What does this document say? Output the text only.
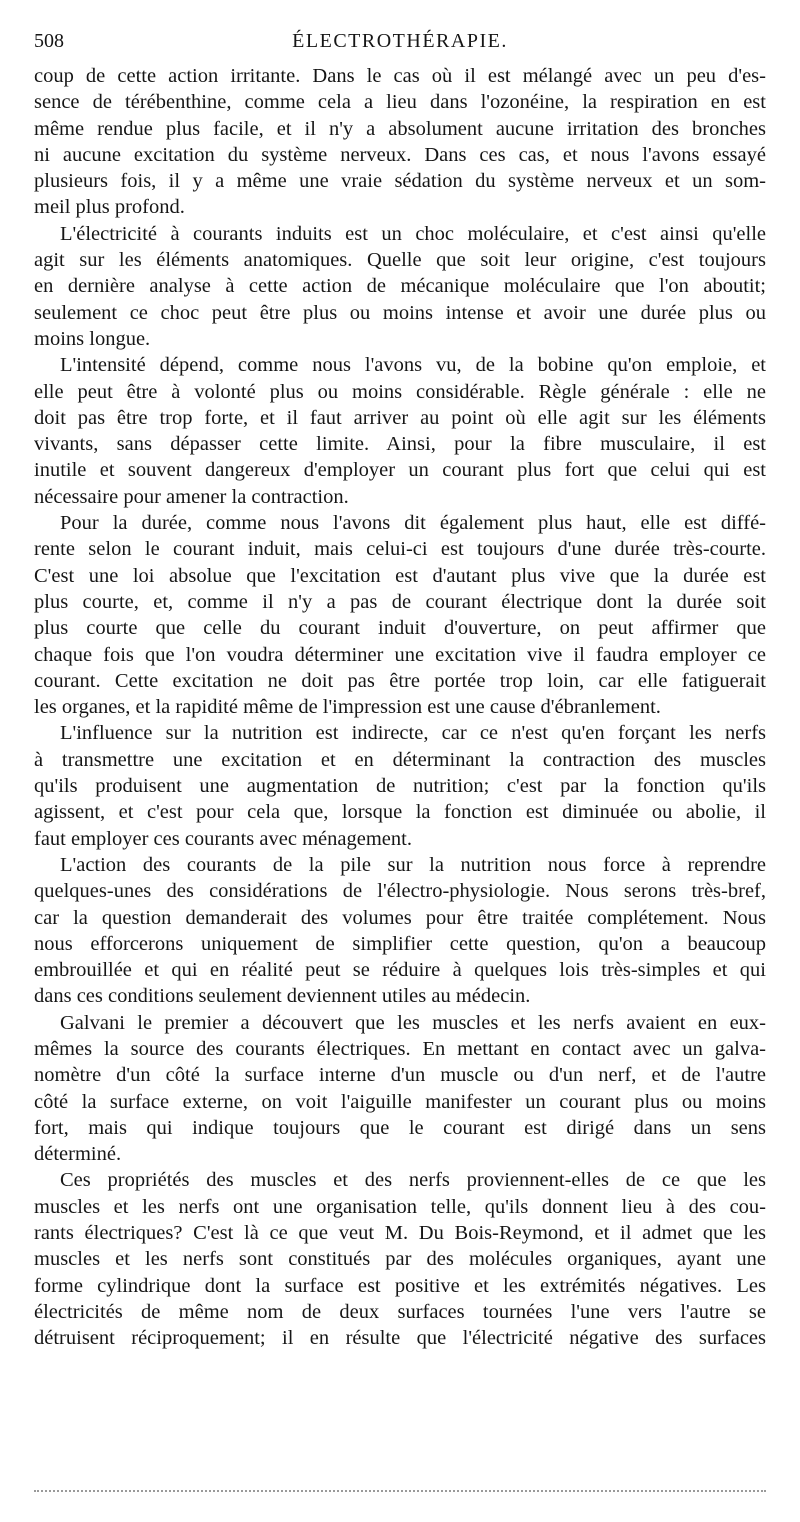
508	ÉLECTROTHÉRAPIE.
coup de cette action irritante. Dans le cas où il est mélangé avec un peu d'es-
sence de térébenthine, comme cela a lieu dans l'ozonéine, la respiration en est
même rendue plus facile, et il n'y a absolument aucune irritation des bronches
ni aucune excitation du système nerveux. Dans ces cas, et nous l'avons essayé
plusieurs fois, il y a même une vraie sédation du système nerveux et un som-
meil plus profond.
L'électricité à courants induits est un choc moléculaire, et c'est ainsi qu'elle
agit sur les éléments anatomiques. Quelle que soit leur origine, c'est toujours
en dernière analyse à cette action de mécanique moléculaire que l'on aboutit;
seulement ce choc peut être plus ou moins intense et avoir une durée plus ou
moins longue.
L'intensité dépend, comme nous l'avons vu, de la bobine qu'on emploie, et
elle peut être à volonté plus ou moins considérable. Règle générale : elle ne
doit pas être trop forte, et il faut arriver au point où elle agit sur les éléments
vivants, sans dépasser cette limite. Ainsi, pour la fibre musculaire, il est
inutile et souvent dangereux d'employer un courant plus fort que celui qui est
nécessaire pour amener la contraction.
Pour la durée, comme nous l'avons dit également plus haut, elle est diffé-
rente selon le courant induit, mais celui-ci est toujours d'une durée très-courte.
C'est une loi absolue que l'excitation est d'autant plus vive que la durée est
plus courte, et, comme il n'y a pas de courant électrique dont la durée soit
plus courte que celle du courant induit d'ouverture, on peut affirmer que
chaque fois que l'on voudra déterminer une excitation vive il faudra employer ce
courant. Cette excitation ne doit pas être portée trop loin, car elle fatiguerait
les organes, et la rapidité même de l'impression est une cause d'ébranlement.
L'influence sur la nutrition est indirecte, car ce n'est qu'en forçant les nerfs
à transmettre une excitation et en déterminant la contraction des muscles
qu'ils produisent une augmentation de nutrition; c'est par la fonction qu'ils
agissent, et c'est pour cela que, lorsque la fonction est diminuée ou abolie, il
faut employer ces courants avec ménagement.
L'action des courants de la pile sur la nutrition nous force à reprendre
quelques-unes des considérations de l'électro-physiologie. Nous serons très-bref,
car la question demanderait des volumes pour être traitée complétement. Nous
nous efforcerons uniquement de simplifier cette question, qu'on a beaucoup
embrouillée et qui en réalité peut se réduire à quelques lois très-simples et qui
dans ces conditions seulement deviennent utiles au médecin.
Galvani le premier a découvert que les muscles et les nerfs avaient en eux-
mêmes la source des courants électriques. En mettant en contact avec un galva-
nomètre d'un côté la surface interne d'un muscle ou d'un nerf, et de l'autre
côté la surface externe, on voit l'aiguille manifester un courant plus ou moins
fort, mais qui indique toujours que le courant est dirigé dans un sens
déterminé.
Ces propriétés des muscles et des nerfs proviennent-elles de ce que les
muscles et les nerfs ont une organisation telle, qu'ils donnent lieu à des cou-
rants électriques? C'est là ce que veut M. Du Bois-Reymond, et il admet que les
muscles et les nerfs sont constitués par des molécules organiques, ayant une
forme cylindrique dont la surface est positive et les extrémités négatives. Les
électricités de même nom de deux surfaces tournées l'une vers l'autre se
détruisent réciproquement; il en résulte que l'électricité négative des surfaces
